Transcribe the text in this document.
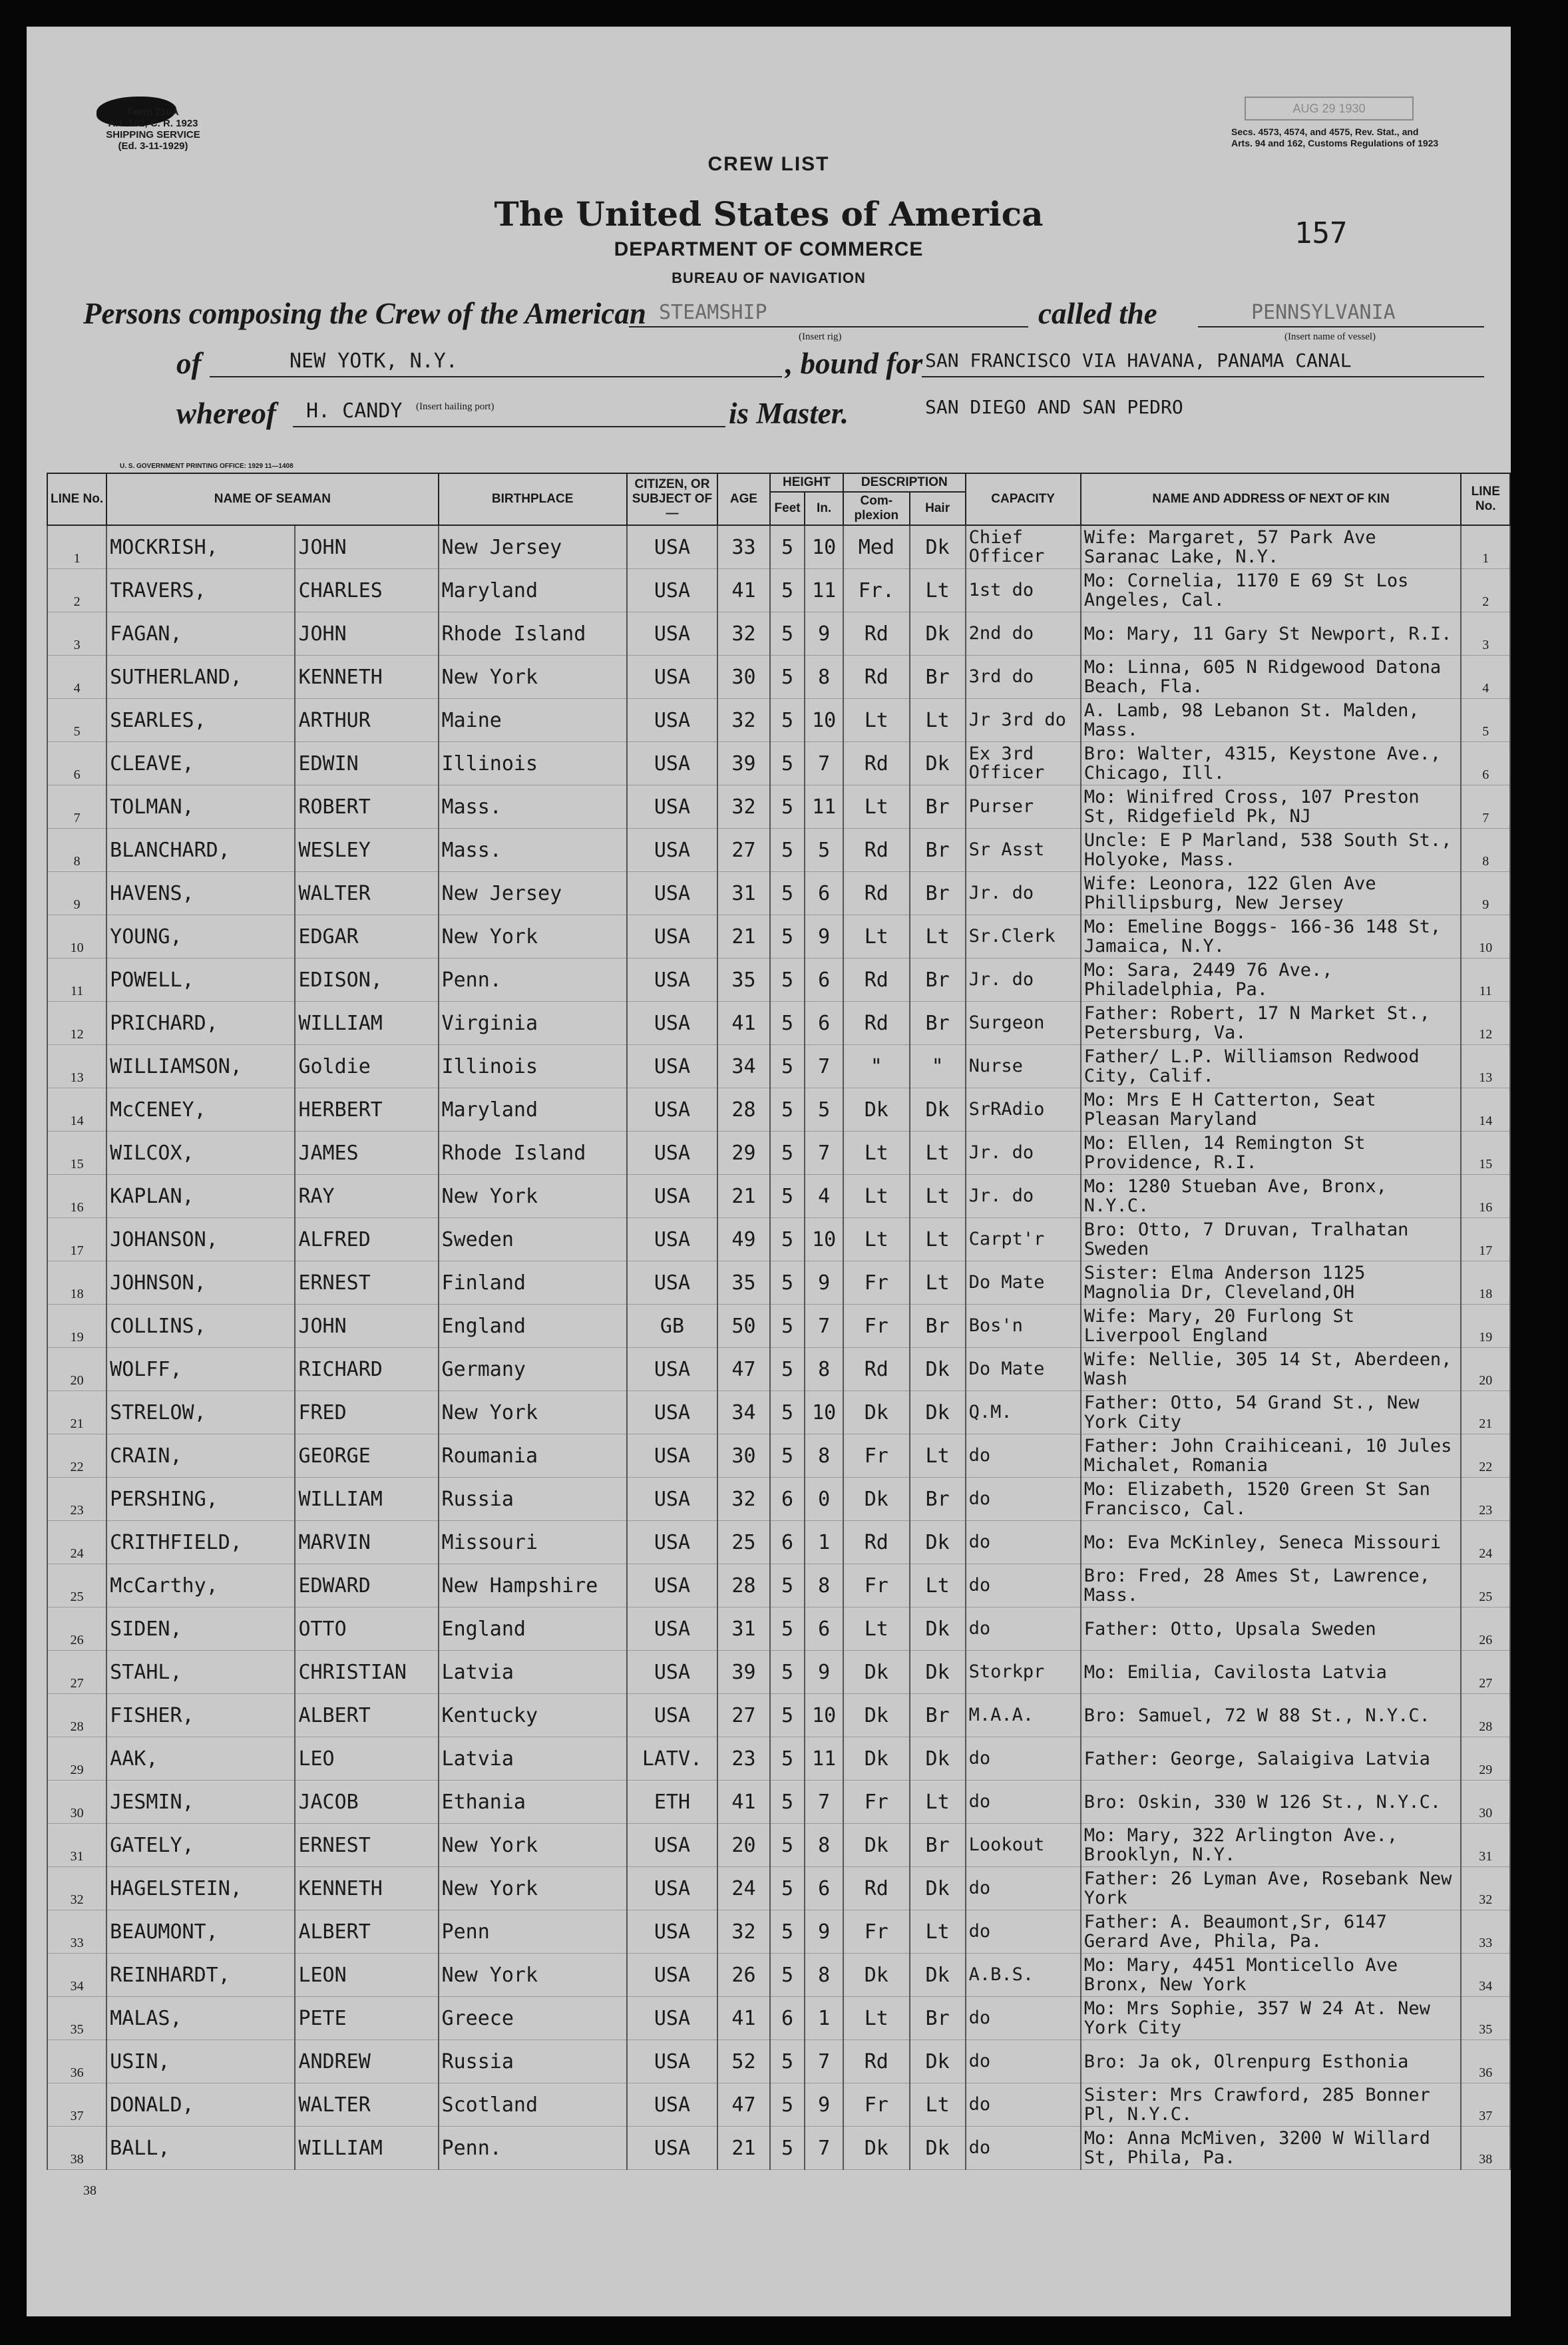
Form 710A
Art. 162, C. R. 1923
SHIPPING SERVICE
(Ed. 3-11-1929)
AUG 29 1930
Secs. 4573, 4574, and 4575, Rev. Stat., and
Arts. 94 and 162, Customs Regulations of 1923
CREW LIST
The United States of America
DEPARTMENT OF COMMERCE
BUREAU OF NAVIGATION
157
Persons composing the Crew of the American STEAMSHIP
(Insert rig)
called the	PENNSYLVANIA
(Insert name of vessel)
of	NEW YOTK, N.Y.	, bound for SAN FRANCISCO VIA HAVANA, PANAMA CANAL
whereof H. CANDY (Insert hailing port)	is Master.	SAN DIEGO AND SAN PEDRO
U. S. GOVERNMENT PRINTING OFFICE: 1929 11—1408
LINE No.	NAME OF SEAMAN		BIRTHPLACE	CITIZEN, OR SUBJECT OF—	AGE	HEIGHT		DESCRIPTION		CAPACITY	NAME AND ADDRESS OF NEXT OF KIN	LINE No.
						Feet	In.	Com-plexion	Hair			
1	MOCKRISH,	JOHN	New Jersey	USA	33	5	10	Med	Dk	Chief Officer	Wife: Margaret, 57 Park Ave Saranac Lake, N.Y.	1
2	TRAVERS,	CHARLES	Maryland	USA	41	5	11	Fr.	Lt	1st do	Mo: Cornelia, 1170 E 69 St Los Angeles, Cal.	2
3	FAGAN,	JOHN	Rhode Island	USA	32	5	9	Rd	Dk	2nd do	Mo: Mary, 11 Gary St Newport, R.I.	3
4	SUTHERLAND,	KENNETH	New York	USA	30	5	8	Rd	Br	3rd do	Mo: Linna, 605 N Ridgewood Datona Beach, Fla.	4
5	SEARLES,	ARTHUR	Maine	USA	32	5	10	Lt	Lt	Jr 3rd do	A. Lamb, 98 Lebanon St. Malden, Mass.	5
6	CLEAVE,	EDWIN	Illinois	USA	39	5	7	Rd	Dk	Ex 3rd Officer	Bro: Walter, 4315, Keystone Ave., Chicago, Ill.	6
7	TOLMAN,	ROBERT	Mass.	USA	32	5	11	Lt	Br	Purser	Mo: Winifred Cross, 107 Preston St, Ridgefield Pk, NJ	7
8	BLANCHARD,	WESLEY	Mass.	USA	27	5	5	Rd	Br	Sr Asst	Uncle: E P Marland, 538 South St., Holyoke, Mass.	8
9	HAVENS,	WALTER	New Jersey	USA	31	5	6	Rd	Br	Jr. do	Wife: Leonora, 122 Glen Ave Phillipsburg, New Jersey	9
10	YOUNG,	EDGAR	New York	USA	21	5	9	Lt	Lt	Sr.Clerk	Mo: Emeline Boggs- 166-36 148 St, Jamaica, N.Y.	10
11	POWELL,	EDISON,	Penn.	USA	35	5	6	Rd	Br	Jr. do	Mo: Sara, 2449 76 Ave., Philadelphia, Pa.	11
12	PRICHARD,	WILLIAM	Virginia	USA	41	5	6	Rd	Br	Surgeon	Father: Robert, 17 N Market St., Petersburg, Va.	12
13	WILLIAMSON,	Goldie	Illinois	USA	34	5	7	"	"	Nurse	Father/ L.P. Williamson Redwood City, Calif.	13
14	McCENEY,	HERBERT	Maryland	USA	28	5	5	Dk	Dk	SrRAdio	Mo: Mrs E H Catterton, Seat Pleasan Maryland	14
15	WILCOX,	JAMES	Rhode Island	USA	29	5	7	Lt	Lt	Jr. do	Mo: Ellen, 14 Remington St Providence, R.I.	15
16	KAPLAN,	RAY	New York	USA	21	5	4	Lt	Lt	Jr. do	Mo: 1280 Stueban Ave, Bronx, N.Y.C.	16
17	JOHANSON,	ALFRED	Sweden	USA	49	5	10	Lt	Lt	Carpt'r	Bro: Otto, 7 Druvan, Tralhatan Sweden	17
18	JOHNSON,	ERNEST	Finland	USA	35	5	9	Fr	Lt	Do Mate	Sister: Elma Anderson 1125 Magnolia Dr, Cleveland,OH	18
19	COLLINS,	JOHN	England	GB	50	5	7	Fr	Br	Bos'n	Wife: Mary, 20 Furlong St Liverpool England	19
20	WOLFF,	RICHARD	Germany	USA	47	5	8	Rd	Dk	Do Mate	Wife: Nellie, 305 14 St, Aberdeen, Wash	20
21	STRELOW,	FRED	New York	USA	34	5	10	Dk	Dk	Q.M.	Father: Otto, 54 Grand St., New York City	21
22	CRAIN,	GEORGE	Roumania	USA	30	5	8	Fr	Lt	do	Father: John Craihiceani, 10 Jules Michalet, Romania	22
23	PERSHING,	WILLIAM	Russia	USA	32	6	0	Dk	Br	do	Mo: Elizabeth, 1520 Green St San Francisco, Cal.	23
24	CRITHFIELD,	MARVIN	Missouri	USA	25	6	1	Rd	Dk	do	Mo: Eva McKinley, Seneca Missouri	24
25	McCarthy,	EDWARD	New Hampshire	USA	28	5	8	Fr	Lt	do	Bro: Fred, 28 Ames St, Lawrence, Mass.	25
26	SIDEN,	OTTO	England	USA	31	5	6	Lt	Dk	do	Father: Otto, Upsala Sweden	26
27	STAHL,	CHRISTIAN	Latvia	USA	39	5	9	Dk	Dk	Storkpr	Mo: Emilia, Cavilosta Latvia	27
28	FISHER,	ALBERT	Kentucky	USA	27	5	10	Dk	Br	M.A.A.	Bro: Samuel, 72 W 88 St., N.Y.C.	28
29	AAK,	LEO	Latvia	LATV.	23	5	11	Dk	Dk	do	Father: George, Salaigiva Latvia	29
30	JESMIN,	JACOB	Ethania	ETH	41	5	7	Fr	Lt	do	Bro: Oskin, 330 W 126 St., N.Y.C.	30
31	GATELY,	ERNEST	New York	USA	20	5	8	Dk	Br	Lookout	Mo: Mary, 322 Arlington Ave., Brooklyn, N.Y.	31
32	HAGELSTEIN,	KENNETH	New York	USA	24	5	6	Rd	Dk	do	Father: 26 Lyman Ave, Rosebank New York	32
33	BEAUMONT,	ALBERT	Penn	USA	32	5	9	Fr	Lt	do	Father: A. Beaumont,Sr, 6147 Gerard Ave, Phila, Pa.	33
34	REINHARDT,	LEON	New York	USA	26	5	8	Dk	Dk	A.B.S.	Mo: Mary, 4451 Monticello Ave Bronx, New York	34
35	MALAS,	PETE	Greece	USA	41	6	1	Lt	Br	do	Mo: Mrs Sophie, 357 W 24 At. New York City	35
36	USIN,	ANDREW	Russia	USA	52	5	7	Rd	Dk	do	Bro: Ja ok, Olrenpurg Esthonia	36
37	DONALD,	WALTER	Scotland	USA	47	5	9	Fr	Lt	do	Sister: Mrs Crawford, 285 Bonner Pl, N.Y.C.	37
38	BALL,	WILLIAM	Penn.	USA	21	5	7	Dk	Dk	do	Mo: Anna McMiven, 3200 W Willard St, Phila, Pa.	38
38
